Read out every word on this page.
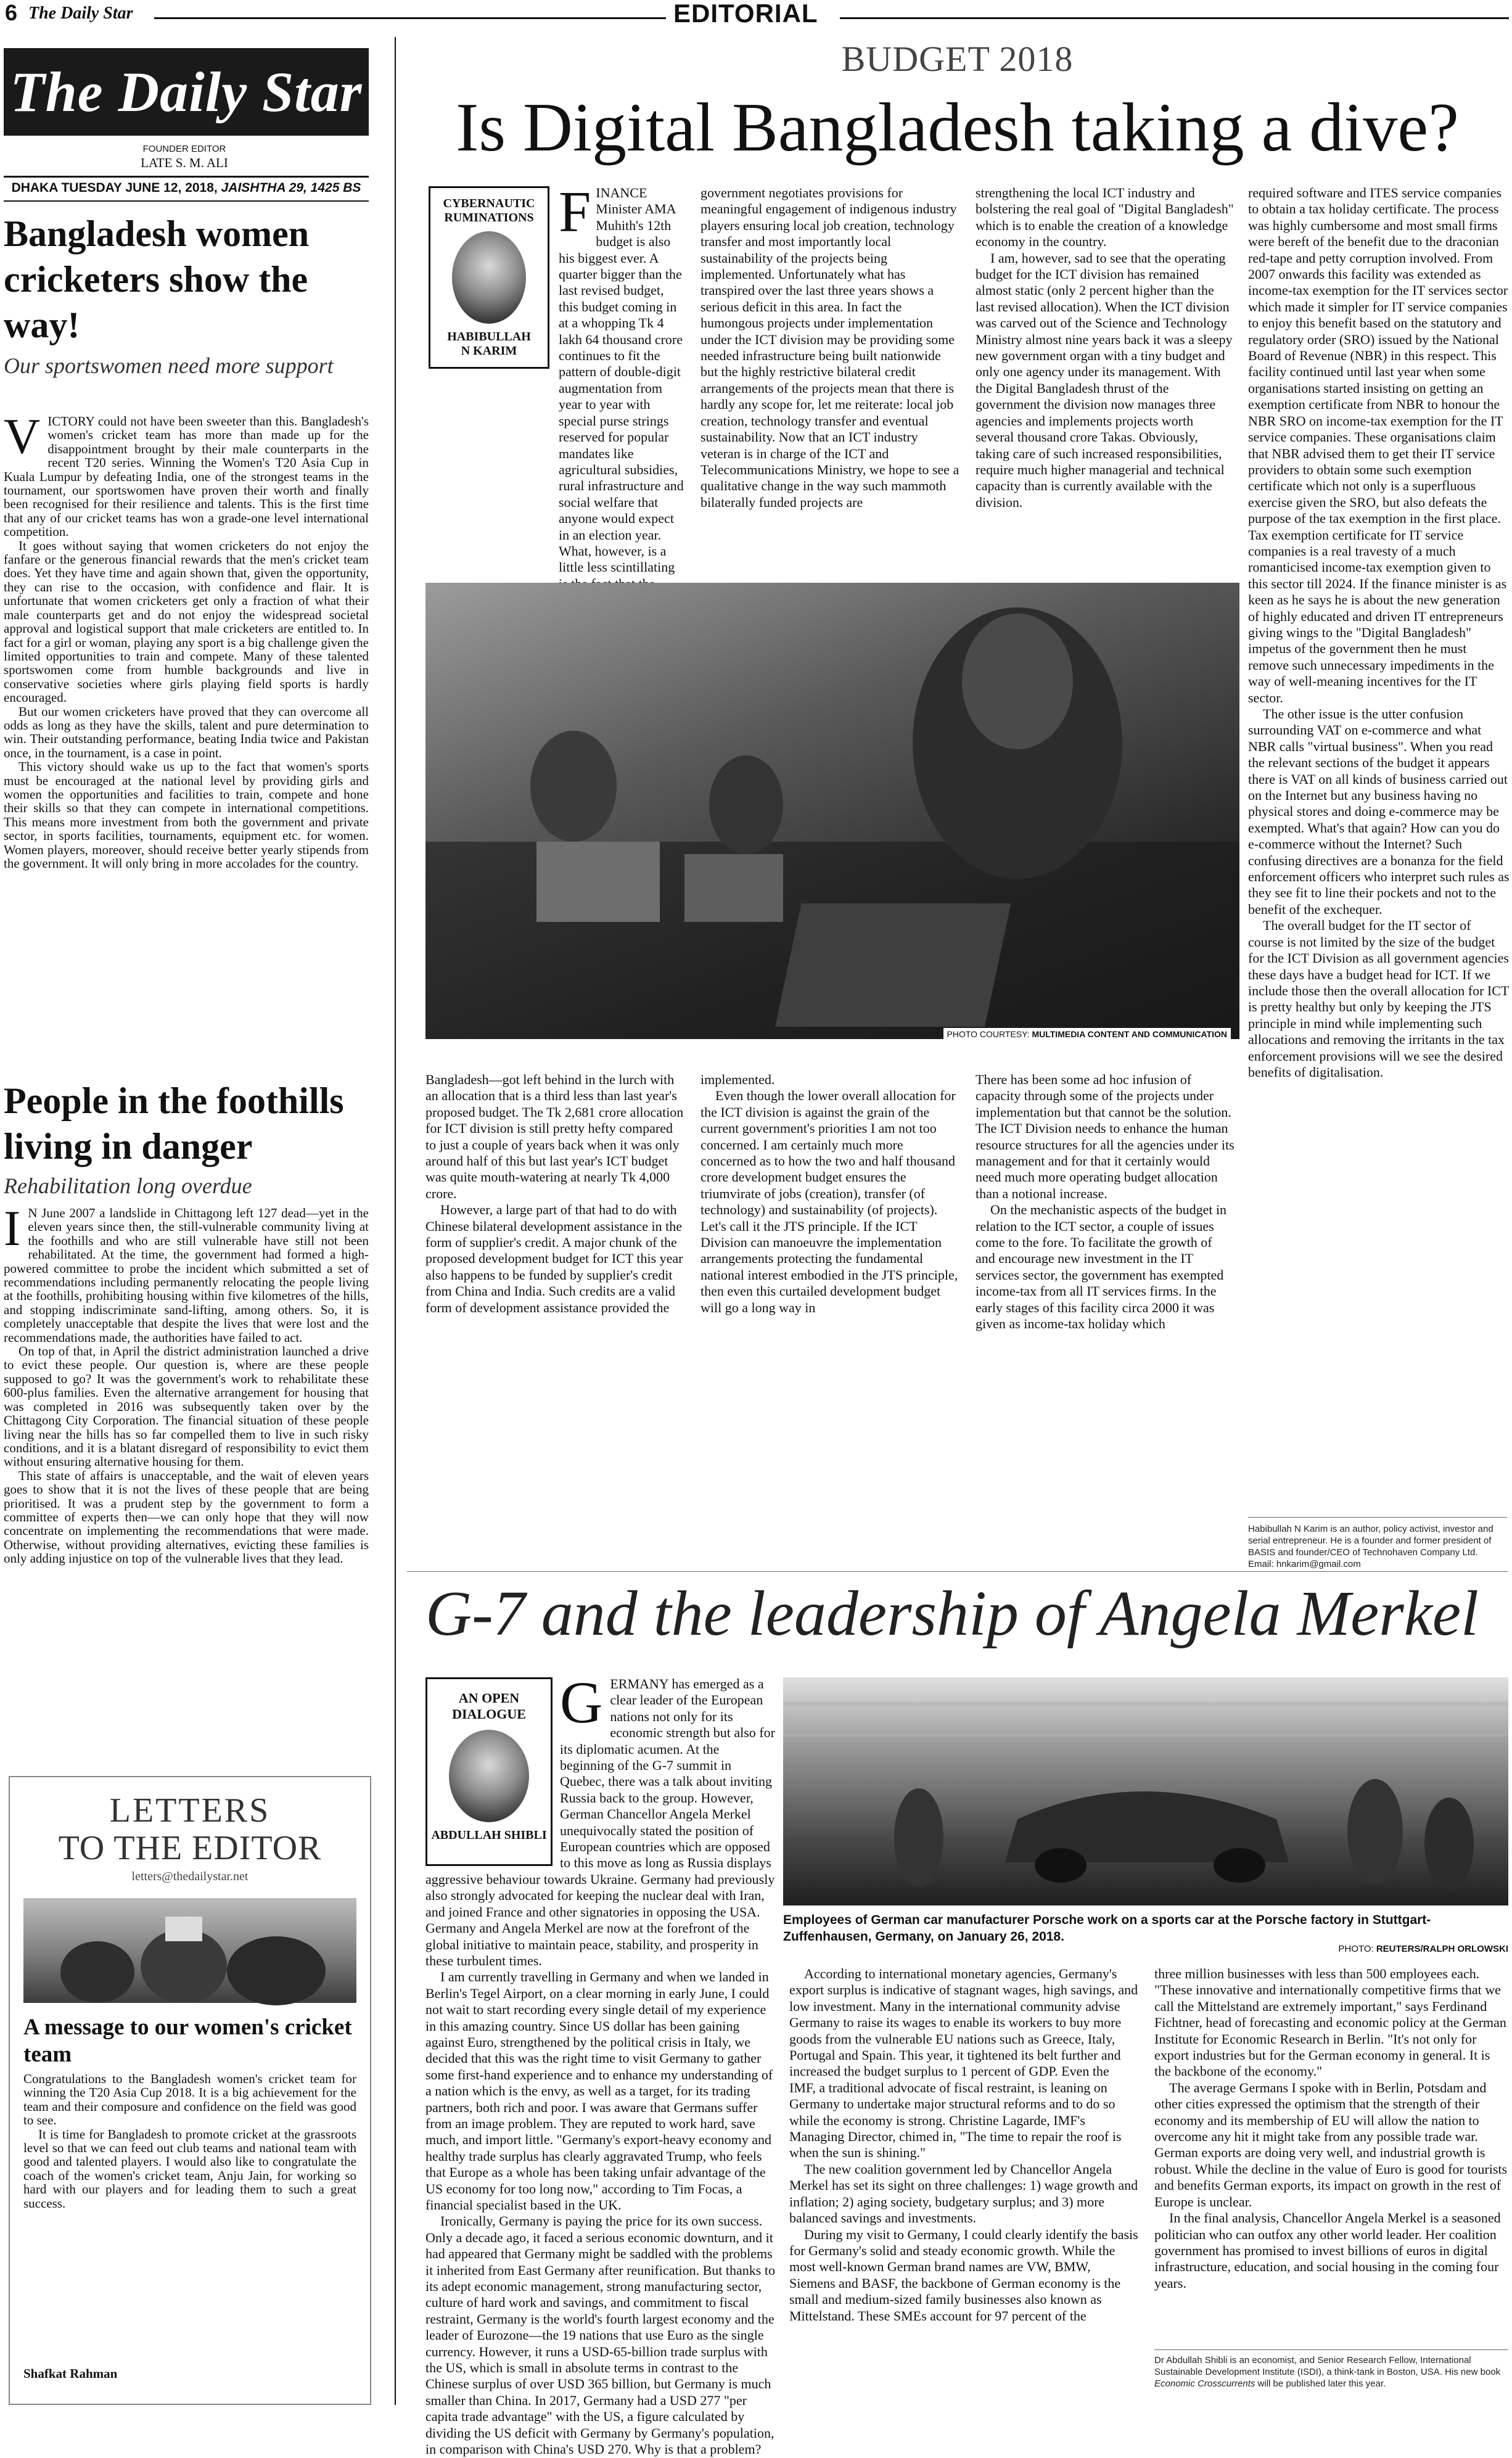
6 The Daily Star	EDITORIAL
The Daily Star
FOUNDER EDITOR
LATE S. M. ALI
DHAKA TUESDAY JUNE 12, 2018, JAISHTHA 29, 1425 BS
Bangladesh women cricketers show the way!
Our sportswomen need more support
V ICTORY could not have been sweeter than this. Bangladesh's women's cricket team has more than made up for the disappointment brought by their male counterparts in the recent T20 series. Winning the Women's T20 Asia Cup in Kuala Lumpur by defeating India, one of the strongest teams in the tournament, our sportswomen have proven their worth and finally been recognised for their resilience and talents. This is the first time that any of our cricket teams has won a grade-one level international competition.

It goes without saying that women cricketers do not enjoy the fanfare or the generous financial rewards that the men's cricket team does. Yet they have time and again shown that, given the opportunity, they can rise to the occasion, with confidence and flair. It is unfortunate that women cricketers get only a fraction of what their male counterparts get and do not enjoy the widespread societal approval and logistical support that male cricketers are entitled to. In fact for a girl or woman, playing any sport is a big challenge given the limited opportunities to train and compete. Many of these talented sportswomen come from humble backgrounds and live in conservative societies where girls playing field sports is hardly encouraged.

But our women cricketers have proved that they can overcome all odds as long as they have the skills, talent and pure determination to win. Their outstanding performance, beating India twice and Pakistan once, in the tournament, is a case in point.

This victory should wake us up to the fact that women's sports must be encouraged at the national level by providing girls and women the opportunities and facilities to train, compete and hone their skills so that they can compete in international competitions. This means more investment from both the government and private sector, in sports facilities, tournaments, equipment etc. for women. Women players, moreover, should receive better yearly stipends from the government. It will only bring in more accolades for the country.

People in the foothills living in danger
Rehabilitation long overdue
I N June 2007 a landslide in Chittagong left 127 dead—yet in the eleven years since then, the still-vulnerable community living at the foothills and who are still vulnerable have still not been rehabilitated. At the time, the government had formed a high-powered committee to probe the incident which submitted a set of recommendations including permanently relocating the people living at the foothills, prohibiting housing within five kilometres of the hills, and stopping indiscriminate sand-lifting, among others. So, it is completely unacceptable that despite the lives that were lost and the recommendations made, the authorities have failed to act.

On top of that, in April the district administration launched a drive to evict these people. Our question is, where are these people supposed to go? It was the government's work to rehabilitate these 600-plus families. Even the alternative arrangement for housing that was completed in 2016 was subsequently taken over by the Chittagong City Corporation. The financial situation of these people living near the hills has so far compelled them to live in such risky conditions, and it is a blatant disregard of responsibility to evict them without ensuring alternative housing for them.

This state of affairs is unacceptable, and the wait of eleven years goes to show that it is not the lives of these people that are being prioritised. It was a prudent step by the government to form a committee of experts then—we can only hope that they will now concentrate on implementing the recommendations that were made. Otherwise, without providing alternatives, evicting these families is only adding injustice on top of the vulnerable lives that they lead.

LETTERS
TO THE EDITOR
letters@thedailystar.net
A message to our women's cricket team

Congratulations to the Bangladesh women's cricket team for winning the T20 Asia Cup 2018. It is a big achievement for the team and their composure and confidence on the field was good to see.

It is time for Bangladesh to promote cricket at the grassroots level so that we can feed out club teams and national team with good and talented players. I would also like to congratulate the coach of the women's cricket team, Anju Jain, for working so hard with our players and for leading them to such a great success.

Shafkat Rahman
BUDGET 2018
Is Digital Bangladesh taking a dive?
CYBERNAUTIC
RUMINATIONS
HABIBULLAH
N KARIM
F INANCE Minister AMA Muhith's 12th budget is also his biggest ever. A quarter bigger than the last revised budget, this budget coming in at a whopping Tk 4 lakh 64 thousand crore continues to fit the pattern of double-digit augmentation from year to year with special purse strings reserved for popular mandates like agricultural subsidies, rural infrastructure and social welfare that anyone would expect in an election year. What, however, is a little less scintillating

government negotiates provisions for meaningful engagement of indigenous industry players ensuring local job creation, technology transfer and most importantly local sustainability of the projects being implemented. Unfortunately what has transpired over the last three years shows a serious deficit in this area. In fact the humongous projects under implementation under the ICT division may be providing some needed infrastructure being built nationwide but the highly restrictive bilateral credit arrangements of the projects mean that there is hardly any scope for, let me reiterate: local job creation, technology transfer and eventual sustainability. Now that an ICT industry veteran is in charge of the ICT and Telecommunications Ministry, we hope to see a qualitative change in the way such mammoth bilaterally funded projects are

strengthening the local ICT industry and bolstering the real goal of "Digital Bangladesh" which is to enable the creation of a knowledge economy in the country.

I am, however, sad to see that the operating budget for the ICT division has remained almost static (only 2 percent higher than the last revised allocation). When the ICT division was carved out of the Science and Technology Ministry almost nine years back it was a sleepy new government organ with a tiny budget and only one agency under its management. With the Digital Bangladesh thrust of the government the division now manages three agencies and implements projects worth several thousand crore Takas. Obviously, taking care of such increased responsibilities, require much higher managerial and technical capacity than is currently available with the division.

required software and ITES service companies to obtain a tax holiday certificate. The process was highly cumbersome and most small firms were bereft of the benefit due to the draconian red-tape and petty corruption involved. From 2007 onwards this facility was extended as income-tax exemption for the IT services sector which made it simpler for IT service companies to enjoy this benefit based on the statutory and regulatory order (SRO) issued by the National Board of Revenue (NBR) in this respect. This facility continued until last year when some organisations started insisting on getting an exemption certificate from NBR to honour the NBR SRO on income-tax exemption for the IT service companies. These organisations claim that NBR advised them to get their IT service providers to obtain some such exemption certificate which not only is a superfluous exercise given the SRO, but also defeats the purpose of the tax exemption in the first place. Tax exemption certificate for IT service companies is a real travesty of a much romanticised income-tax exemption given to this sector till 2024. If the finance minister is as keen as he says he is about the new generation of highly educated and driven IT entrepreneurs giving wings to the "Digital Bangladesh" impetus of the government then he must remove such unnecessary impediments in the way of well-meaning incentives for the IT sector.

The other issue is the utter confusion surrounding VAT on e-commerce and what NBR calls "virtual business". When you read the relevant sections of the budget it appears there is VAT on all kinds of business carried out on the Internet but any business having no physical stores and doing e-commerce may be exempted. What's that again? How can you do e-commerce without the Internet? Such confusing directives are a bonanza for the field enforcement officers who interpret such rules as they see fit to line their pockets and not to the benefit of the exchequer.

The overall budget for the IT sector of course is not limited by the size of the budget for the ICT Division as all government agencies these days have a budget head for ICT. If we include those then the overall allocation for ICT is pretty healthy but only by keeping the JTS principle in mind while implementing such allocations and removing the irritants in the tax enforcement provisions will we see the desired benefits of digitalisation.

PHOTO COURTESY: MULTIMEDIA CONTENT AND COMMUNICATION

Bangladesh—got left behind in the lurch with an allocation that is a third less than last year's proposed budget. The Tk 2,681 crore allocation for ICT division is still pretty hefty compared to just a couple of years back when it was only around half of this but last year's ICT budget was quite mouth-watering at nearly Tk 4,000 crore.

However, a large part of that had to do with Chinese bilateral development assistance in the form of supplier's credit. A major chunk of the proposed development budget for ICT this year also happens to be funded by supplier's credit from China and India. Such credits are a valid form of development assistance provided the

implemented.

Even though the lower overall allocation for the ICT division is against the grain of the current government's priorities I am not too concerned. I am certainly much more concerned as to how the two and half thousand crore development budget ensures the triumvirate of jobs (creation), transfer (of technology) and sustainability (of projects). Let's call it the JTS principle. If the ICT Division can manoeuvre the implementation arrangements protecting the fundamental national interest embodied in the JTS principle, then even this curtailed development budget will go a long way in

There has been some ad hoc infusion of capacity through some of the projects under implementation but that cannot be the solution. The ICT Division needs to enhance the human resource structures for all the agencies under its management and for that it certainly would need much more operating budget allocation than a notional increase.

On the mechanistic aspects of the budget in relation to the ICT sector, a couple of issues come to the fore. To facilitate the growth of and encourage new investment in the IT services sector, the government has exempted income-tax from all IT services firms. In the early stages of this facility circa 2000 it was given as income-tax holiday which

Habibullah N Karim is an author, policy activist, investor and serial entrepreneur. He is a founder and former president of BASIS and founder/CEO of Technohaven Company Ltd.
Email: hnkarim@gmail.com
G-7 and the leadership of Angela Merkel
AN OPEN
DIALOGUE
ABDULLAH SHIBLI
G ERMANY has emerged as a clear leader of the European nations not only for its economic strength but also for its diplomatic acumen. At the beginning of the G-7 summit in Quebec, there was a talk about inviting Russia back to the group. However, German Chancellor Angela Merkel unequivocally stated the position of European countries which are opposed to this move as long as Russia displays aggressive behaviour towards Ukraine. Germany had previously also strongly advocated for keeping the nuclear deal with Iran, and joined France and other signatories in opposing the USA. Germany and Angela Merkel are now at the forefront of the global initiative to maintain peace, stability, and prosperity in these turbulent times.

I am currently travelling in Germany and when we landed in Berlin's Tegel Airport, on a clear morning in early June, I could not wait to start recording every single detail of my experience in this amazing country. Since US dollar has been gaining against Euro, strengthened by the political crisis in Italy, we decided that this was the right time to visit Germany to gather some first-hand experience and to enhance my understanding of a nation which is the envy, as well as a target, for its trading partners, both rich and poor. I was aware that Germans suffer from an image problem. They are reputed to work hard, save much, and import little. "Germany's export-heavy economy and healthy trade surplus has clearly aggravated Trump, who feels that Europe as a whole has been taking unfair advantage of the US economy for too long now," according to Tim Focas, a financial specialist based in the UK.

Ironically, Germany is paying the price for its own success. Only a decade ago, it faced a serious economic downturn, and it had appeared that Germany might be saddled with the problems it inherited from East Germany after reunification. But thanks to its adept economic management, strong manufacturing sector, culture of hard work and savings, and commitment to fiscal restraint, Germany is the world's fourth largest economy and the leader of Eurozone—the 19 nations that use Euro as the single currency. However, it runs a USD-65-billion trade surplus with the US, which is small in absolute terms in contrast to the Chinese surplus of over USD 365 billion, but Germany is much smaller than China. In 2017, Germany had a USD 277 "per capita trade advantage" with the US, a figure calculated by dividing the US deficit with Germany by Germany's population, in comparison with China's USD 270. Why is that a problem?

Employees of German car manufacturer Porsche work on a sports car at the Porsche factory in Stuttgart-Zuffenhausen, Germany, on January 26, 2018.
PHOTO: REUTERS/RALPH ORLOWSKI

According to international monetary agencies, Germany's export surplus is indicative of stagnant wages, high savings, and low investment. Many in the international community advise Germany to raise its wages to enable its workers to buy more goods from the vulnerable EU nations such as Greece, Italy, Portugal and Spain. This year, it tightened its belt further and increased the budget surplus to 1 percent of GDP. Even the IMF, a traditional advocate of fiscal restraint, is leaning on Germany to undertake major structural reforms and to do so while the economy is strong. Christine Lagarde, IMF's Managing Director, chimed in, "The time to repair the roof is when the sun is shining."

The new coalition government led by Chancellor Angela Merkel has set its sight on three challenges: 1) wage growth and inflation; 2) aging society, budgetary surplus; and 3) more balanced savings and investments.

During my visit to Germany, I could clearly identify the basis for Germany's solid and steady economic growth. While the most well-known German brand names are VW, BMW, Siemens and BASF, the backbone of German economy is the small and medium-sized family businesses also known as Mittelstand. These SMEs account for 97 percent of the

three million businesses with less than 500 employees each. "These innovative and internationally competitive firms that we call the Mittelstand are extremely important," says Ferdinand Fichtner, head of forecasting and economic policy at the German Institute for Economic Research in Berlin. "It's not only for export industries but for the German economy in general. It is the backbone of the economy."

The average Germans I spoke with in Berlin, Potsdam and other cities expressed the optimism that the strength of their economy and its membership of EU will allow the nation to overcome any hit it might take from any possible trade war. German exports are doing very well, and industrial growth is robust. While the decline in the value of Euro is good for tourists and benefits German exports, its impact on growth in the rest of Europe is unclear.

In the final analysis, Chancellor Angela Merkel is a seasoned politician who can outfox any other world leader. Her coalition government has promised to invest billions of euros in digital infrastructure, education, and social housing in the coming four years.

Dr Abdullah Shibli is an economist, and Senior Research Fellow, International Sustainable Development Institute (ISDI), a think-tank in Boston, USA. His new book Economic Crosscurrents will be published later this year.
